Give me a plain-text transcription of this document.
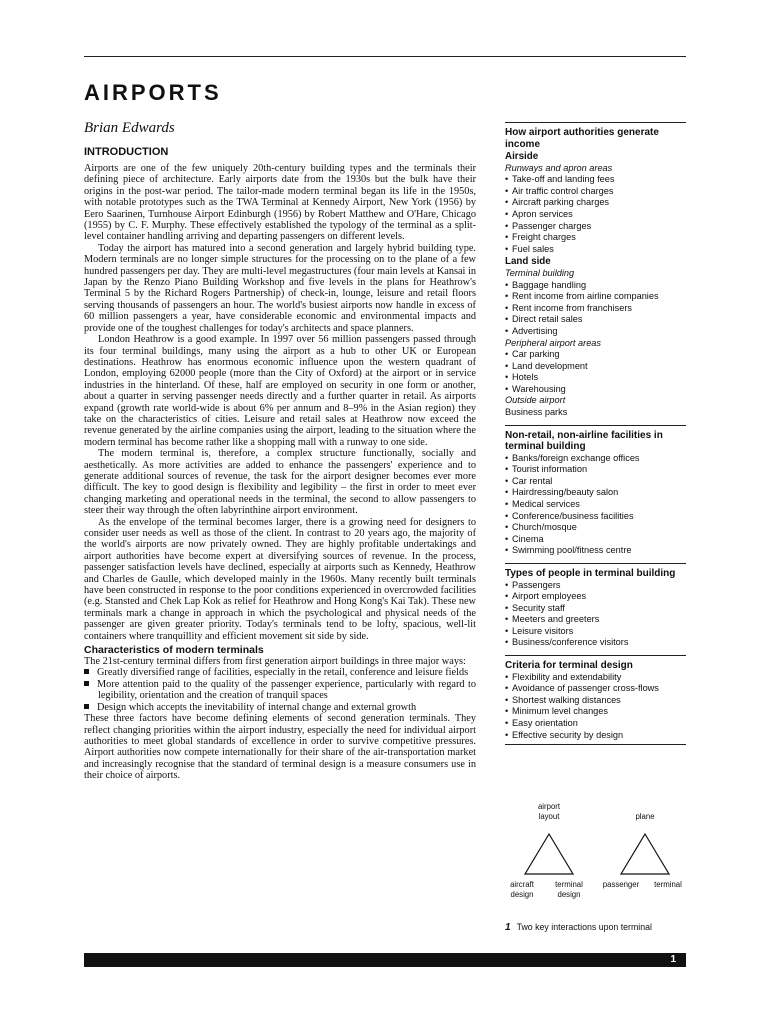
AIRPORTS
Brian Edwards
INTRODUCTION

Airports are one of the few uniquely 20th-century building types and the terminals their defining piece of architecture. Early airports date from the 1930s but the bulk have their origins in the post-war period. The tailor-made modern terminal began its life in the 1950s, with notable prototypes such as the TWA Terminal at Kennedy Airport, New York (1956) by Eero Saarinen, Turnhouse Airport Edinburgh (1956) by Robert Matthew and O'Hare, Chicago (1955) by C. F. Murphy. These effectively established the typology of the terminal as a split-level container handling arriving and departing passengers on different levels.

Today the airport has matured into a second generation and largely hybrid building type. Modern terminals are no longer simple structures for the processing on to the plane of a few hundred passengers per day. They are multi-level megastructures (four main levels at Kansai in Japan by the Renzo Piano Building Workshop and five levels in the plans for Heathrow's Terminal 5 by the Richard Rogers Partnership) of check-in, lounge, leisure and retail floors serving thousands of passengers an hour. The world's busiest airports now handle in excess of 60 million passengers a year, have considerable economic and environmental impacts and provide one of the toughest challenges for today's architects and space planners.

London Heathrow is a good example. In 1997 over 56 million passengers passed through its four terminal buildings, many using the airport as a hub to other UK or European destinations. Heathrow has enormous economic influence upon the western quadrant of London, employing 62000 people (more than the City of Oxford) at the airport or in service industries in the hinterland. Of these, half are employed on security in one form or another, about a quarter in serving passenger needs directly and a further quarter in retail. As airports expand (growth rate world-wide is about 6% per annum and 8–9% in the Asian region) they take on the characteristics of cities. Leisure and retail sales at Heathrow now exceed the revenue generated by the airline companies using the airport, leading to the situation where the modern terminal has become rather like a shopping mall with a runway to one side.

The modern terminal is, therefore, a complex structure functionally, socially and aesthetically. As more activities are added to enhance the passengers' experience and to generate additional sources of revenue, the task for the airport designer becomes ever more difficult. The key to good design is flexibility and legibility – the first in order to meet ever changing marketing and operational needs in the terminal, the second to allow passengers to steer their way through the often labyrinthine airport environment.

As the envelope of the terminal becomes larger, there is a growing need for designers to consider user needs as well as those of the client. In contrast to 20 years ago, the majority of the world's airports are now privately owned. They are highly profitable undertakings and airport authorities have become expert at diversifying sources of revenue. In the process, passenger satisfaction levels have declined, especially at airports such as Kennedy, Heathrow and Charles de Gaulle, which developed mainly in the 1960s. Many recently built terminals have been constructed in response to the poor conditions experienced in overcrowded facilities (e.g. Stansted and Chek Lap Kok as relief for Heathrow and Hong Kong's Kai Tak). These new terminals mark a change in approach in which the psychological and physical needs of the passenger are given greater priority. Today's terminals tend to be lofty, spacious, well-lit containers where tranquillity and efficient movement sit side by side.

Characteristics of modern terminals

The 21st-century terminal differs from first generation airport buildings in three major ways:

Greatly diversified range of facilities, especially in the retail, conference and leisure fields
More attention paid to the quality of the passenger experience, particularly with regard to legibility, orientation and the creation of tranquil spaces
Design which accepts the inevitability of internal change and external growth

These three factors have become defining elements of second generation terminals. They reflect changing priorities within the airport industry, especially the need for individual airport authorities to meet global standards of excellence in order to survive competitive pressures. Airport authorities now compete internationally for their share of the air-transportation market and increasingly recognise that the standard of terminal design is a measure consumers use in their choice of airports.

How airport authorities generate income
Airside
Runways and apron areas
• Take-off and landing fees
• Air traffic control charges
• Aircraft parking charges
• Apron services
• Passenger charges
• Freight charges
• Fuel sales
Land side
Terminal building
• Baggage handling
• Rent income from airline companies
• Rent income from franchisers
• Direct retail sales
• Advertising
Peripheral airport areas
• Car parking
• Land development
• Hotels
• Warehousing
Outside airport
Business parks
Non-retail, non-airline facilities in terminal building
• Banks/foreign exchange offices
• Tourist information
• Car rental
• Hairdressing/beauty salon
• Medical services
• Conference/business facilities
• Church/mosque
• Cinema
• Swimming pool/fitness centre
Types of people in terminal building
• Passengers
• Airport employees
• Security staff
• Meeters and greeters
• Leisure visitors
• Business/conference visitors
Criteria for terminal design
• Flexibility and extendability
• Avoidance of passenger cross-flows
• Shortest walking distances
• Minimum level changes
• Easy orientation
• Effective security by design
airport layout	plane
aircraft design
terminal design
passenger	terminal
1 Two key interactions upon terminal
1
